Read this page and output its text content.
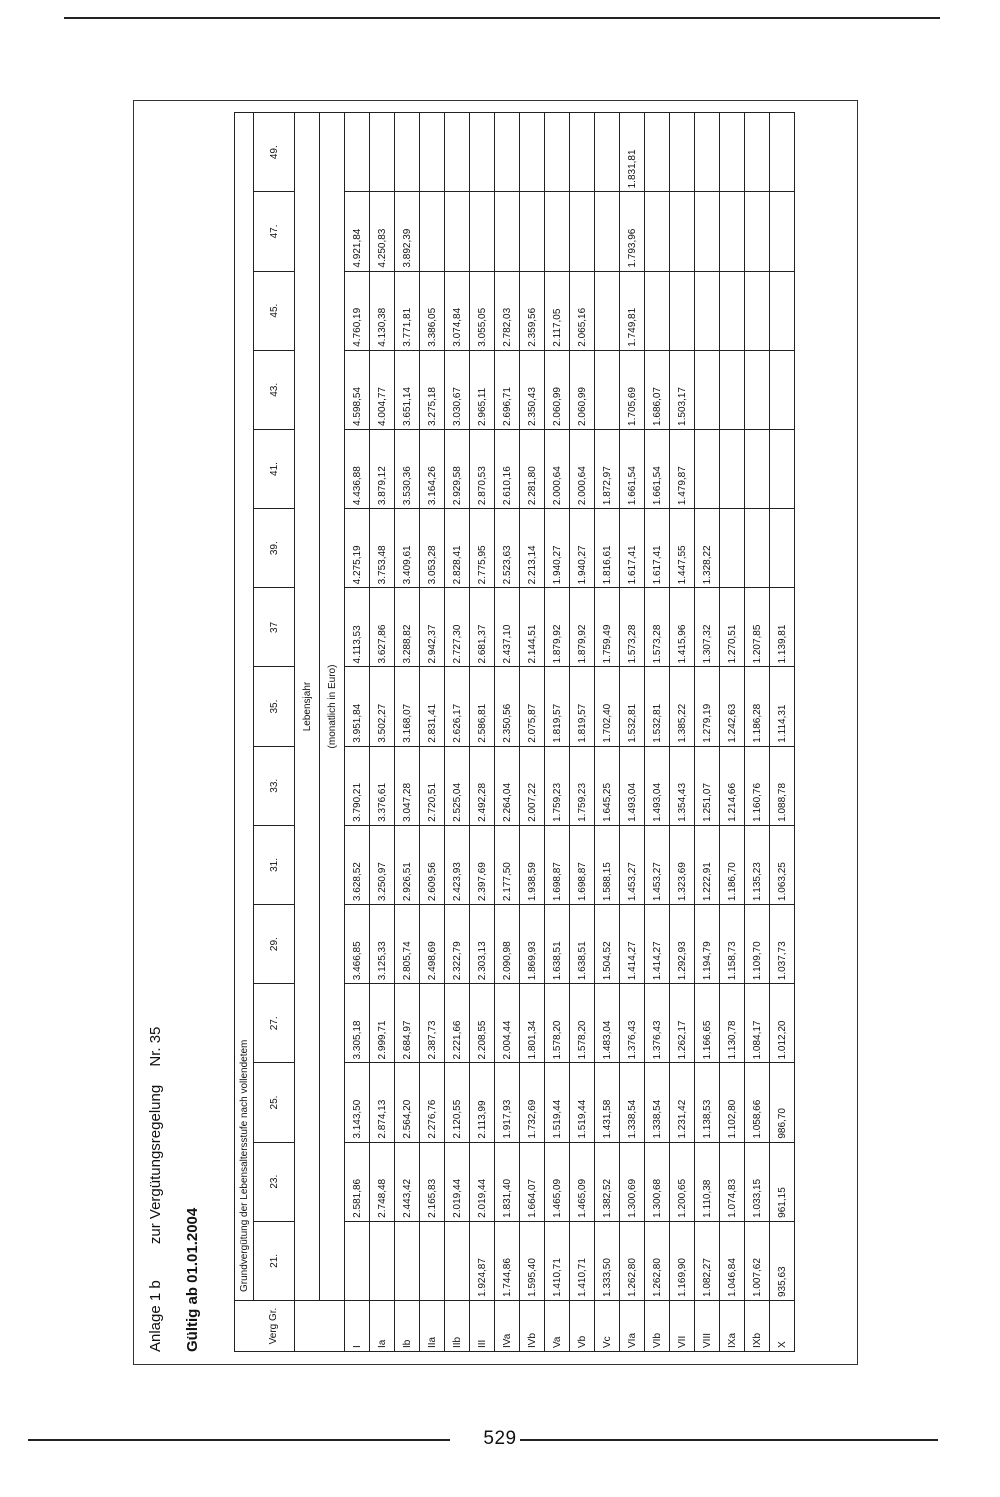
Anlage 1 b zur Vergütungsregelung Nr. 35
Gültig ab 01.01.2004
		Grundvergütung der Lebensaltersstufe nach vollendetem														
Verg Gr.	21.	23.	25.	27.	29.	31.	33.	35.	37	39.	41.	43.	45.	47.	49.
	Lebensjahr														
	(monatlich in Euro)														
I		2.581,86	3.143,50	3.305,18	3.466,85	3.628,52	3.790,21	3.951,84	4.113,53	4.275,19	4.436,88	4.598,54	4.760,19	4.921,84	
Ia		2.748,48	2.874,13	2.999,71	3.125,33	3.250,97	3.376,61	3.502,27	3.627,86	3.753,48	3.879,12	4.004,77	4.130,38	4.250,83	
Ib		2.443,42	2.564,20	2.684,97	2.805,74	2.926,51	3.047,28	3.168,07	3.288,82	3.409,61	3.530,36	3.651,14	3.771,81	3.892,39	
IIa		2.165,83	2.276,76	2.387,73	2.498,69	2.609,56	2.720,51	2.831,41	2.942,37	3.053,28	3.164,26	3.275,18	3.386,05		
IIb		2.019,44	2.120,55	2.221,66	2.322,79	2.423,93	2.525,04	2.626,17	2.727,30	2.828,41	2.929,58	3.030,67	3.074,84		
III	1.924,87	2.019,44	2.113,99	2.208,55	2.303,13	2.397,69	2.492,28	2.586,81	2.681,37	2.775,95	2.870,53	2.965,11	3.055,05		
IVa	1.744,86	1.831,40	1.917,93	2.004,44	2.090,98	2.177,50	2.264,04	2.350,56	2.437,10	2.523,63	2.610,16	2.696,71	2.782,03		
IVb	1.595,40	1.664,07	1.732,69	1.801,34	1.869,93	1.938,59	2.007,22	2.075,87	2.144,51	2.213,14	2.281,80	2.350,43	2.359,56		
Va	1.410,71	1.465,09	1.519,44	1.578,20	1.638,51	1.698,87	1.759,23	1.819,57	1.879,92	1.940,27	2.000,64	2.060,99	2.117,05		
Vb	1.410,71	1.465,09	1.519,44	1.578,20	1.638,51	1.698,87	1.759,23	1.819,57	1.879,92	1.940,27	2.000,64	2.060,99	2.065,16		
Vc	1.333,50	1.382,52	1.431,58	1.483,04	1.504,52	1.588,15	1.645,25	1.702,40	1.759,49	1.816,61	1.872,97				
VIa	1.262,80	1.300,69	1.338,54	1.376,43	1.414,27	1.453,27	1.493,04	1.532,81	1.573,28	1.617,41	1.661,54	1.705,69	1.749,81	1.793,96	1.831,81
VIb	1.262,80	1.300,68	1.338,54	1.376,43	1.414,27	1.453,27	1.493,04	1.532,81	1.573,28	1.617,41	1.661,54	1.686,07			
VII	1.169,90	1.200,65	1.231,42	1.262,17	1.292,93	1.323,69	1.354,43	1.385,22	1.415,96	1.447,55	1.479,87	1.503,17			
VIII	1.082,27	1.110,38	1.138,53	1.166,65	1.194,79	1.222,91	1.251,07	1.279,19	1.307,32	1.328,22					
IXa	1.046,84	1.074,83	1.102,80	1.130,78	1.158,73	1.186,70	1.214,66	1.242,63	1.270,51						
IXb	1.007,62	1.033,15	1.058,66	1.084,17	1.109,70	1.135,23	1.160,76	1.186,28	1.207,85						
X	935,63	961,15	986,70	1.012,20	1.037,73	1.063,25	1.088,78	1.114,31	1.139,81						
529
